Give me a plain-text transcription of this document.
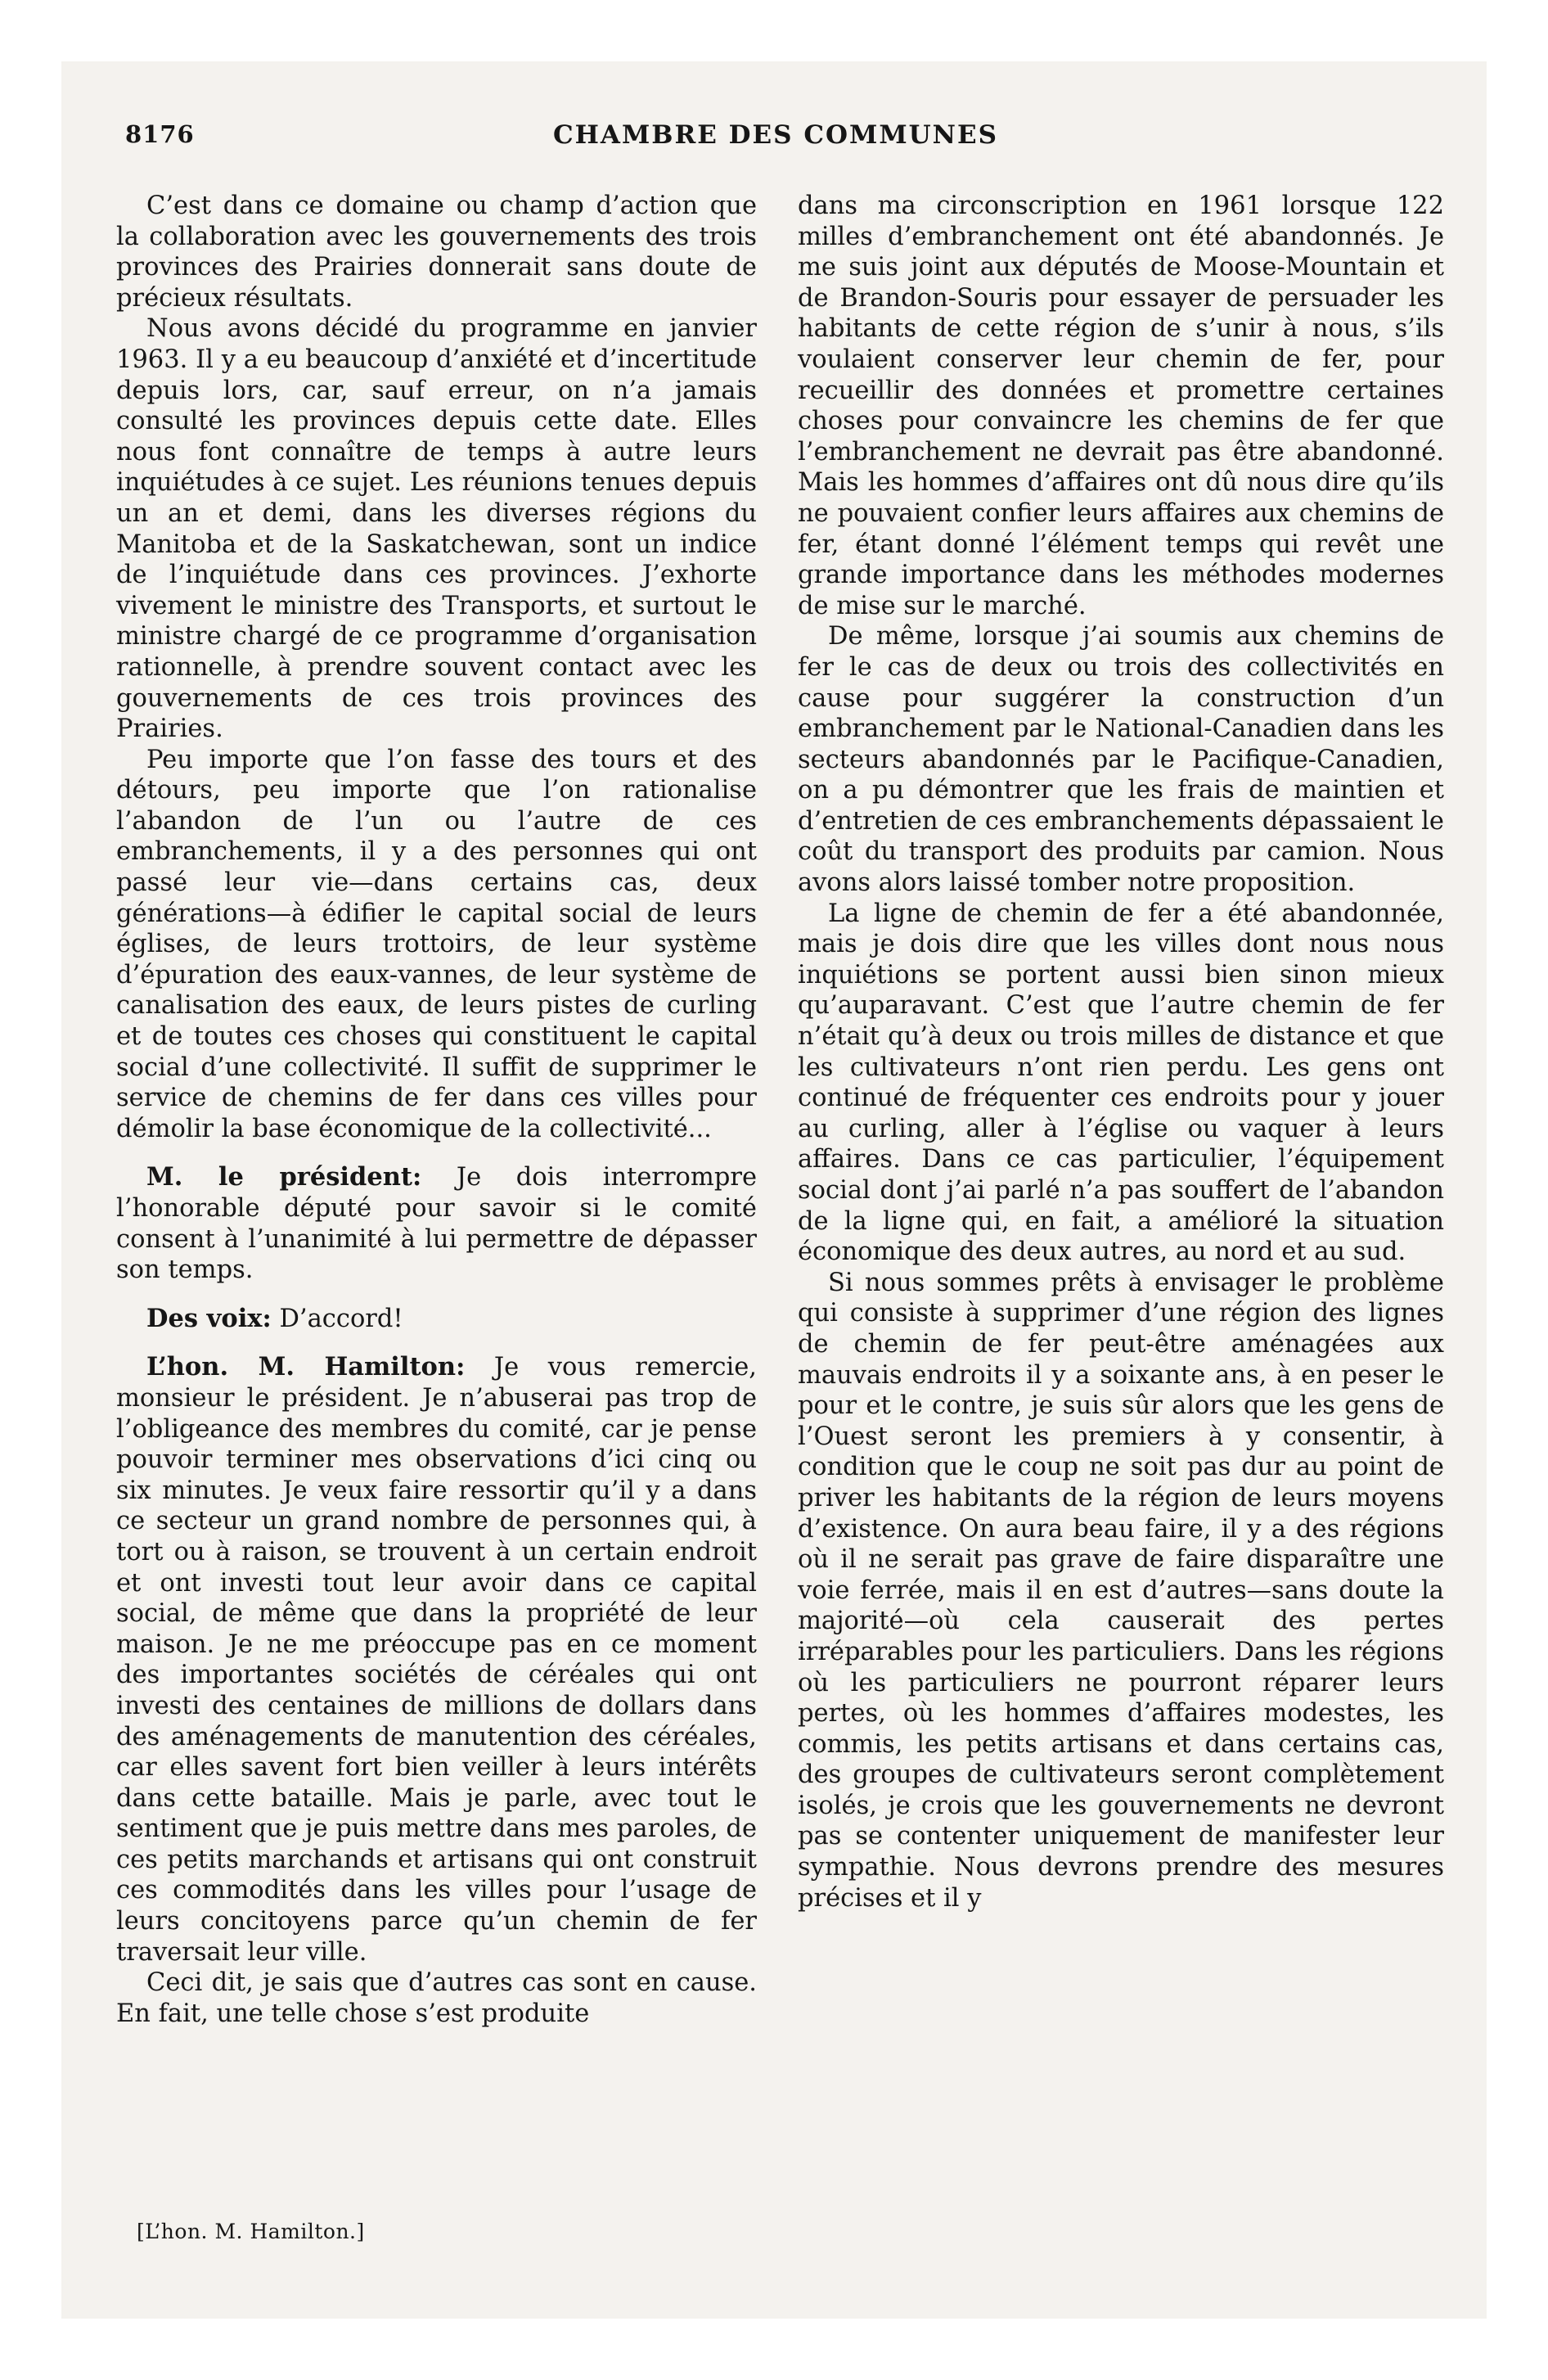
8176	CHAMBRE DES COMMUNES

C’est dans ce domaine ou champ d’action que la collaboration avec les gouvernements des trois provinces des Prairies donnerait sans doute de précieux résultats.

Nous avons décidé du programme en janvier 1963. Il y a eu beaucoup d’anxiété et d’incertitude depuis lors, car, sauf erreur, on n’a jamais consulté les provinces depuis cette date. Elles nous font connaître de temps à autre leurs inquiétudes à ce sujet. Les réunions tenues depuis un an et demi, dans les diverses régions du Manitoba et de la Saskatchewan, sont un indice de l’inquiétude dans ces provinces. J’exhorte vivement le ministre des Transports, et surtout le ministre chargé de ce programme d’organisation rationnelle, à prendre souvent contact avec les gouvernements de ces trois provinces des Prairies.

Peu importe que l’on fasse des tours et des détours, peu importe que l’on rationalise l’abandon de l’un ou l’autre de ces embranchements, il y a des personnes qui ont passé leur vie—dans certains cas, deux générations—à édifier le capital social de leurs églises, de leurs trottoirs, de leur système d’épuration des eaux-vannes, de leur système de canalisation des eaux, de leurs pistes de curling et de toutes ces choses qui constituent le capital social d’une collectivité. Il suffit de supprimer le service de chemins de fer dans ces villes pour démolir la base économique de la collectivité...

M. le président: Je dois interrompre l’honorable député pour savoir si le comité consent à l’unanimité à lui permettre de dépasser son temps.

Des voix: D’accord!

L’hon. M. Hamilton: Je vous remercie, monsieur le président. Je n’abuserai pas trop de l’obligeance des membres du comité, car je pense pouvoir terminer mes observations d’ici cinq ou six minutes. Je veux faire ressortir qu’il y a dans ce secteur un grand nombre de personnes qui, à tort ou à raison, se trouvent à un certain endroit et ont investi tout leur avoir dans ce capital social, de même que dans la propriété de leur maison. Je ne me préoccupe pas en ce moment des importantes sociétés de céréales qui ont investi des centaines de millions de dollars dans des aménagements de manutention des céréales, car elles savent fort bien veiller à leurs intérêts dans cette bataille. Mais je parle, avec tout le sentiment que je puis mettre dans mes paroles, de ces petits marchands et artisans qui ont construit ces commodités dans les villes pour l’usage de leurs concitoyens parce qu’un chemin de fer traversait leur ville.

Ceci dit, je sais que d’autres cas sont en cause. En fait, une telle chose s’est produite

dans ma circonscription en 1961 lorsque 122 milles d’embranchement ont été abandonnés. Je me suis joint aux députés de Moose-Mountain et de Brandon-Souris pour essayer de persuader les habitants de cette région de s’unir à nous, s’ils voulaient conserver leur chemin de fer, pour recueillir des données et promettre certaines choses pour convaincre les chemins de fer que l’embranchement ne devrait pas être abandonné. Mais les hommes d’affaires ont dû nous dire qu’ils ne pouvaient confier leurs affaires aux chemins de fer, étant donné l’élément temps qui revêt une grande importance dans les méthodes modernes de mise sur le marché.

De même, lorsque j’ai soumis aux chemins de fer le cas de deux ou trois des collectivités en cause pour suggérer la construction d’un embranchement par le National-Canadien dans les secteurs abandonnés par le Pacifique-Canadien, on a pu démontrer que les frais de maintien et d’entretien de ces embranchements dépassaient le coût du transport des produits par camion. Nous avons alors laissé tomber notre proposition.

La ligne de chemin de fer a été abandonnée, mais je dois dire que les villes dont nous nous inquiétions se portent aussi bien sinon mieux qu’auparavant. C’est que l’autre chemin de fer n’était qu’à deux ou trois milles de distance et que les cultivateurs n’ont rien perdu. Les gens ont continué de fréquenter ces endroits pour y jouer au curling, aller à l’église ou vaquer à leurs affaires. Dans ce cas particulier, l’équipement social dont j’ai parlé n’a pas souffert de l’abandon de la ligne qui, en fait, a amélioré la situation économique des deux autres, au nord et au sud.

Si nous sommes prêts à envisager le problème qui consiste à supprimer d’une région des lignes de chemin de fer peut-être aménagées aux mauvais endroits il y a soixante ans, à en peser le pour et le contre, je suis sûr alors que les gens de l’Ouest seront les premiers à y consentir, à condition que le coup ne soit pas dur au point de priver les habitants de la région de leurs moyens d’existence. On aura beau faire, il y a des régions où il ne serait pas grave de faire disparaître une voie ferrée, mais il en est d’autres—sans doute la majorité—où cela causerait des pertes irréparables pour les particuliers. Dans les régions où les particuliers ne pourront réparer leurs pertes, où les hommes d’affaires modestes, les commis, les petits artisans et dans certains cas, des groupes de cultivateurs seront complètement isolés, je crois que les gouvernements ne devront pas se contenter uniquement de manifester leur sympathie. Nous devrons prendre des mesures précises et il y

[L’hon. M. Hamilton.]
